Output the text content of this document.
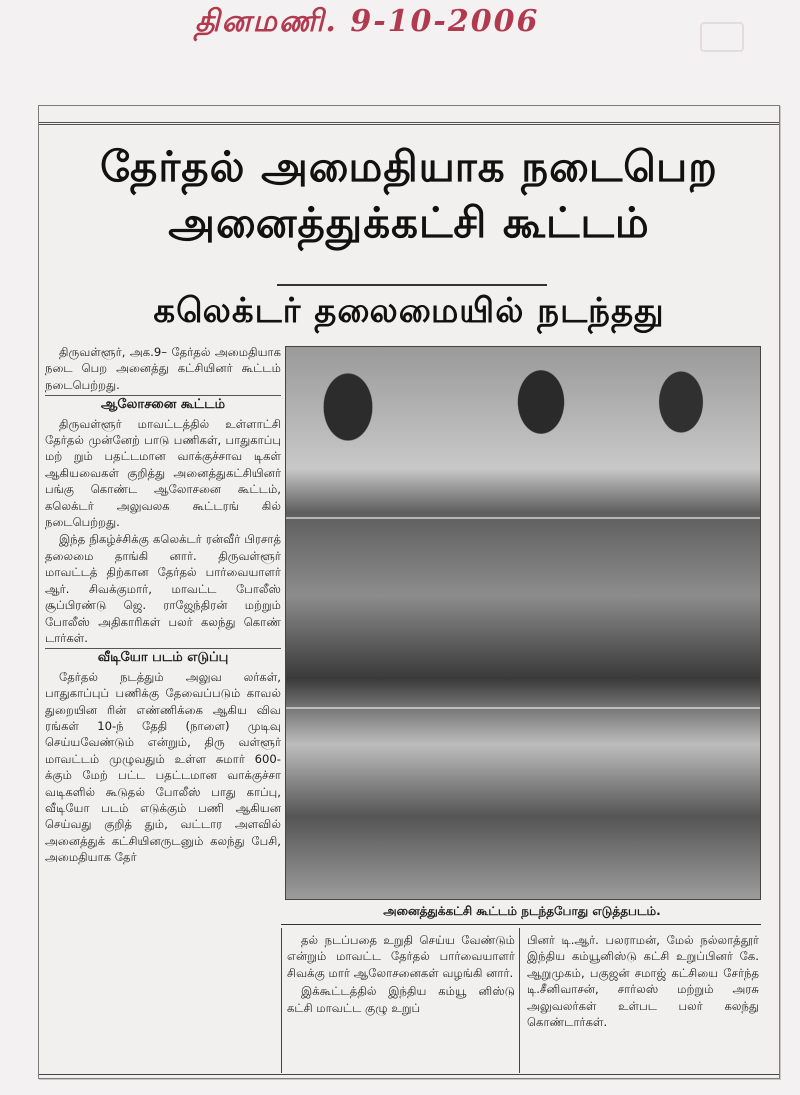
தினமணி. 9-10-2006
தேர்தல் அமைதியாக நடைபெற
அனைத்துக்கட்சி கூட்டம்
கலெக்டர் தலைமையில் நடந்தது

திருவள்ளூர், அக.9– தேர்தல் அமைதியாக நடை பெற அனைத்து கட்சியினர் கூட்டம் நடைபெற்றது.

ஆலோசனை கூட்டம்

திருவள்ளூர் மாவட்டத்தில் உள்ளாட்சி தேர்தல் முன்னேற் பாடு பணிகள், பாதுகாப்பு மற் றும் பதட்டமான வாக்குச்சாவ டிகள் ஆகியவைகள் குறித்து அனைத்துகட்சியினர் பங்கு கொண்ட ஆலோசனை கூட்டம், கலெக்டர் அலுவலக கூட்டரங் கில் நடைபெற்றது.

இந்த நிகழ்ச்சிக்கு கலெக்டர் ரன்வீர் பிரசாத் தலைமை தாங்கி னார். திருவள்ளூர் மாவட்டத் திற்கான தேர்தல் பார்வையாளர் ஆர். சிவக்குமார், மாவட்ட போலீஸ் சூப்பிரண்டு ஜெ. ராஜேந்திரன் மற்றும் போலீஸ் அதிகாரிகள் பலர் கலந்து கொண் டார்கள்.

வீடியோ படம் எடுப்பு

தேர்தல் நடத்தும் அலுவ லர்கள், பாதுகாப்புப் பணிக்கு தேவைப்படும் காவல் துறையின ரின் எண்ணிக்கை ஆகிய விவ ரங்கள் 10-ந் தேதி (நாளை) முடிவு செய்யவேண்டும் என்றும், திரு வள்ளூர் மாவட்டம் முழுவதும் உள்ள சுமார் 600-க்கும் மேற் பட்ட பதட்டமான வாக்குச்சா வடிகளில் கூடுதல் போலீஸ் பாது காப்பு, வீடியோ படம் எடுக்கும் பணி ஆகியன செய்வது குறித் தும், வட்டார அளவில் அனைத்துக் கட்சியினருடனும் கலந்து பேசி, அமைதியாக தேர்

அனைத்துக்கட்சி கூட்டம் நடந்தபோது எடுத்தபடம்.

தல் நடப்பதை உறுதி செய்ய வேண்டும் என்றும் மாவட்ட தேர்தல் பார்வையாளர் சிவக்கு மார் ஆலோசனைகள் வழங்கி னார்.

இக்கூட்டத்தில் இந்திய கம்யூ னிஸ்டு கட்சி மாவட்ட குழு உறுப்

பினர் டி.ஆர். பலராமன், மேல் நல்லாத்தூர் இந்திய கம்யூனிஸ்டு கட்சி உறுப்பினர் கே. ஆறுமுகம், பகுஜன் சமாஜ் கட்சியை சேர்ந்த டி.சீனிவாசன், சார்லஸ் மற்றும் அரசு அலுவலர்கள் உள்பட பலர் கலந்து கொண்டார்கள்.
